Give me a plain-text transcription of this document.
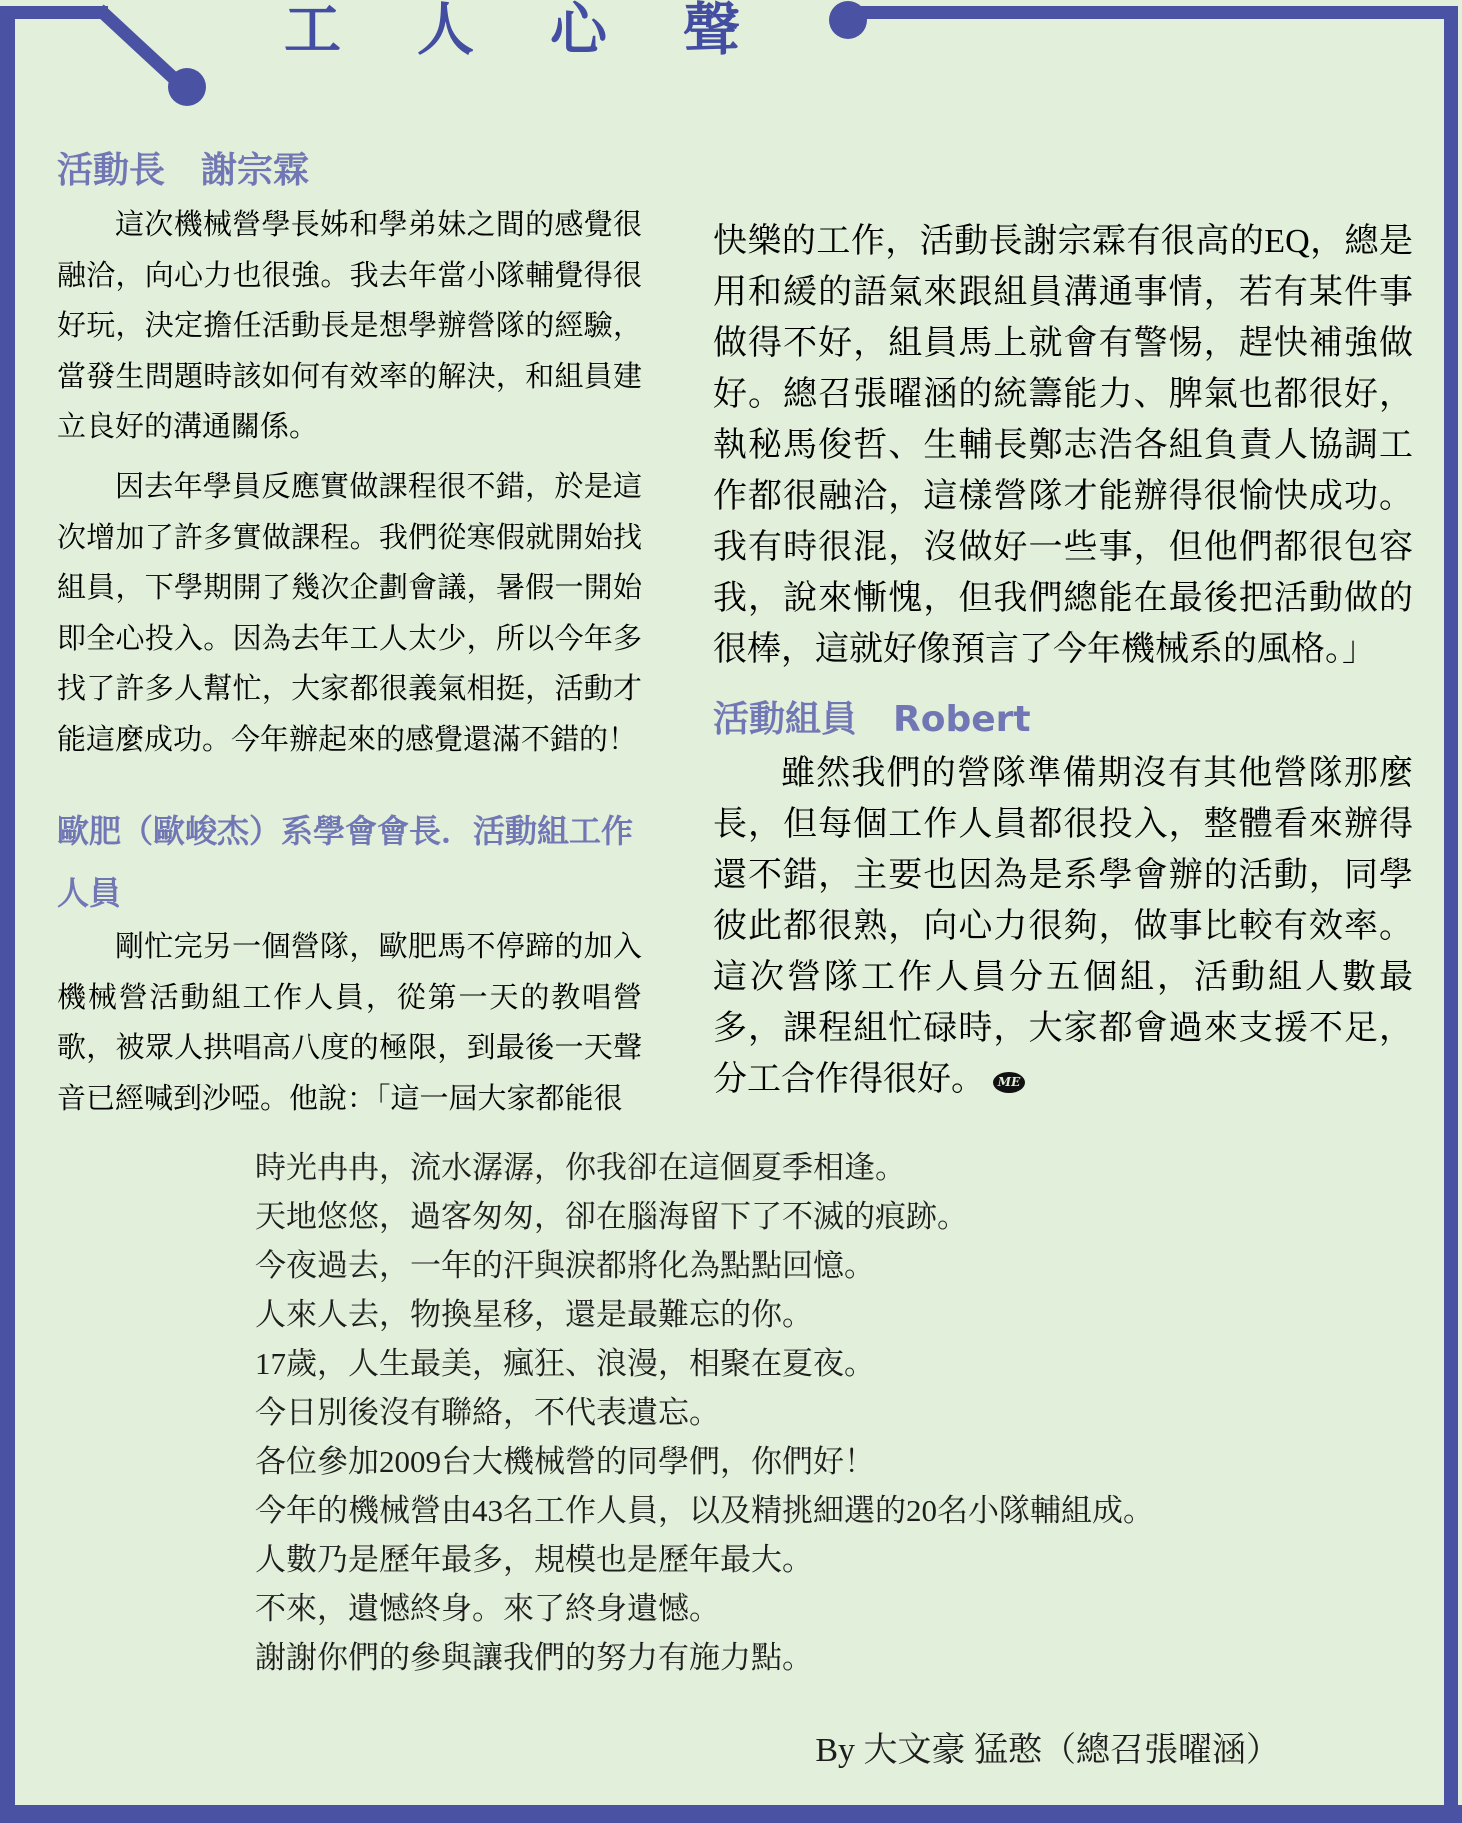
工人心聲
活動長　謝宗霖
這次機械營學長姊和學弟妹之間的感覺很融洽，向心力也很強。我去年當小隊輔覺得很好玩，決定擔任活動長是想學辦營隊的經驗，當發生問題時該如何有效率的解決，和組員建立良好的溝通關係。
因去年學員反應實做課程很不錯，於是這次增加了許多實做課程。我們從寒假就開始找組員，下學期開了幾次企劃會議，暑假一開始即全心投入。因為去年工人太少，所以今年多找了許多人幫忙，大家都很義氣相挺，活動才能這麼成功。今年辦起來的感覺還滿不錯的！
歐肥（歐峻杰）系學會會長．活動組工作人員
剛忙完另一個營隊，歐肥馬不停蹄的加入機械營活動組工作人員，從第一天的教唱營歌，被眾人拱唱高八度的極限，到最後一天聲音已經喊到沙啞。他說：「這一屆大家都能很
快樂的工作，活動長謝宗霖有很高的EQ，總是用和緩的語氣來跟組員溝通事情，若有某件事做得不好，組員馬上就會有警惕，趕快補強做好。總召張曜涵的統籌能力、脾氣也都很好，執秘馬俊哲、生輔長鄭志浩各組負責人協調工作都很融洽，這樣營隊才能辦得很愉快成功。我有時很混，沒做好一些事，但他們都很包容我，說來慚愧，但我們總能在最後把活動做的很棒，這就好像預言了今年機械系的風格。」
活動組員　Robert
雖然我們的營隊準備期沒有其他營隊那麼長，但每個工作人員都很投入，整體看來辦得還不錯，主要也因為是系學會辦的活動，同學彼此都很熟，向心力很夠，做事比較有效率。這次營隊工作人員分五個組，活動組人數最多，課程組忙碌時，大家都會過來支援不足，分工合作得很好。 ME
時光冉冉，流水潺潺，你我卻在這個夏季相逢。
天地悠悠，過客匆匆，卻在腦海留下了不滅的痕跡。
今夜過去，一年的汗與淚都將化為點點回憶。
人來人去，物換星移，還是最難忘的你。
17歲，人生最美，瘋狂、浪漫，相聚在夏夜。
今日別後沒有聯絡，不代表遺忘。
各位參加2009台大機械營的同學們，你們好！
今年的機械營由43名工作人員，以及精挑細選的20名小隊輔組成。
人數乃是歷年最多，規模也是歷年最大。
不來，遺憾終身。來了終身遺憾。
謝謝你們的參與讓我們的努力有施力點。
By 大文豪 猛憨（總召張曜涵）
